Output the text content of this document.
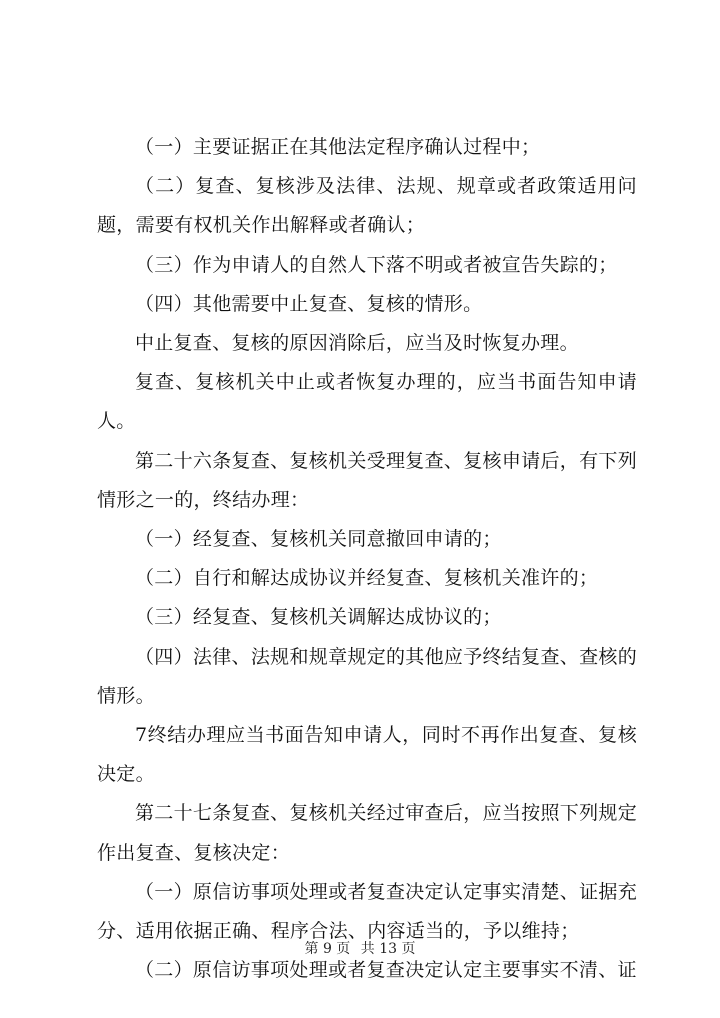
（一）主要证据正在其他法定程序确认过程中；

（二）复查、复核涉及法律、法规、规章或者政策适用问题，需要有权机关作出解释或者确认；

（三）作为申请人的自然人下落不明或者被宣告失踪的；

（四）其他需要中止复查、复核的情形。

中止复查、复核的原因消除后，应当及时恢复办理。

复查、复核机关中止或者恢复办理的，应当书面告知申请人。

第二十六条复查、复核机关受理复查、复核申请后，有下列情形之一的，终结办理：

（一）经复查、复核机关同意撤回申请的；

（二）自行和解达成协议并经复查、复核机关准许的；

（三）经复查、复核机关调解达成协议的；

（四）法律、法规和规章规定的其他应予终结复查、查核的情形。

7终结办理应当书面告知申请人，同时不再作出复查、复核决定。

第二十七条复查、复核机关经过审查后，应当按照下列规定作出复查、复核决定：

（一）原信访事项处理或者复查决定认定事实清楚、证据充分、适用依据正确、程序合法、内容适当的，予以维持；

（二）原信访事项处理或者复查决定认定主要事实不清、证

第 9 页 共 13 页
